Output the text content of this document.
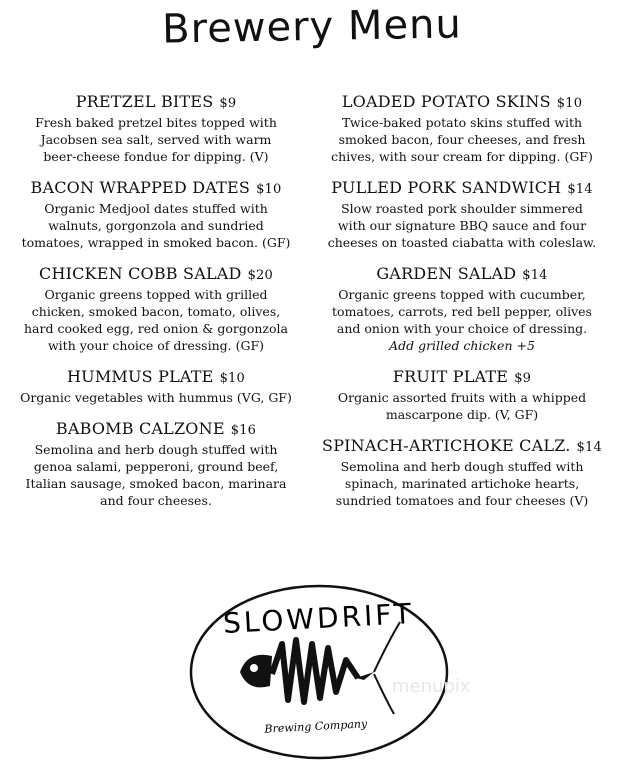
Brewery Menu
PRETZEL BITES $9
Fresh baked pretzel bites topped with
Jacobsen sea salt, served with warm
beer-cheese fondue for dipping. (V)
BACON WRAPPED DATES $10
Organic Medjool dates stuffed with
walnuts, gorgonzola and sundried
tomatoes, wrapped in smoked bacon. (GF)
CHICKEN COBB SALAD $20
Organic greens topped with grilled
chicken, smoked bacon, tomato, olives,
hard cooked egg, red onion & gorgonzola
with your choice of dressing. (GF)
HUMMUS PLATE $10
Organic vegetables with hummus (VG, GF)
BABOMB CALZONE $16
Semolina and herb dough stuffed with
genoa salami, pepperoni, ground beef,
Italian sausage, smoked bacon, marinara
and four cheeses.
LOADED POTATO SKINS $10
Twice-baked potato skins stuffed with
smoked bacon, four cheeses, and fresh
chives, with sour cream for dipping. (GF)
PULLED PORK SANDWICH $14
Slow roasted pork shoulder simmered
with our signature BBQ sauce and four
cheeses on toasted ciabatta with coleslaw.
GARDEN SALAD $14
Organic greens topped with cucumber,
tomatoes, carrots, red bell pepper, olives
and onion with your choice of dressing.
Add grilled chicken +5
FRUIT PLATE $9
Organic assorted fruits with a whipped
mascarpone dip. (V, GF)
SPINACH-ARTICHOKE CALZ. $14
Semolina and herb dough stuffed with
spinach, marinated artichoke hearts,
sundried tomatoes and four cheeses (V)
SLOWDRIFT
Brewing Company
menupix
